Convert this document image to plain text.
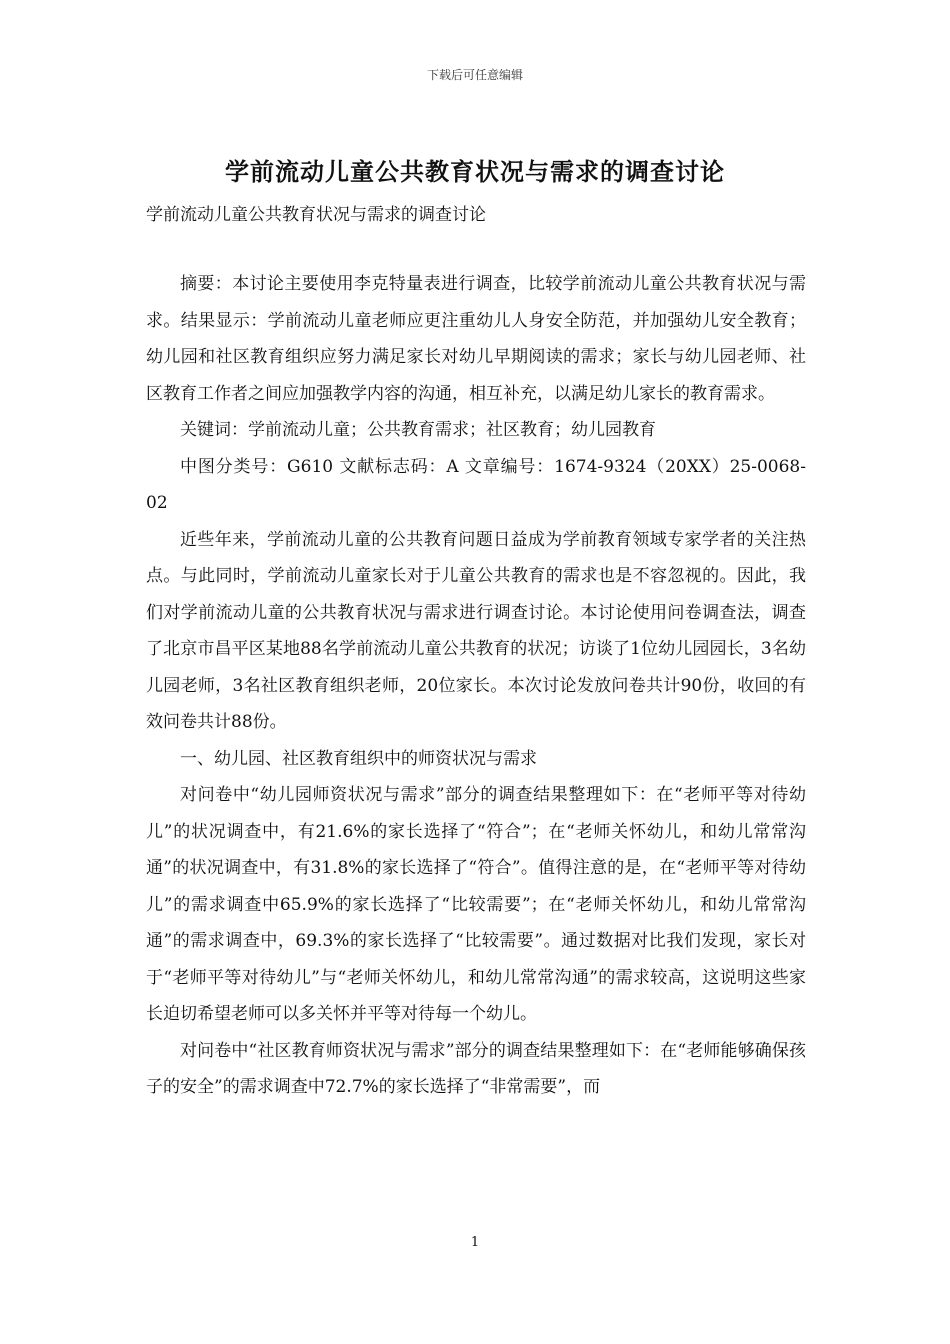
下载后可任意编辑
学前流动儿童公共教育状况与需求的调查讨论
学前流动儿童公共教育状况与需求的调查讨论

摘要：本讨论主要使用李克特量表进行调查，比较学前流动儿童公共教育状况与需求。结果显示：学前流动儿童老师应更注重幼儿人身安全防范，并加强幼儿安全教育；幼儿园和社区教育组织应努力满足家长对幼儿早期阅读的需求；家长与幼儿园老师、社区教育工作者之间应加强教学内容的沟通，相互补充，以满足幼儿家长的教育需求。

关键词：学前流动儿童；公共教育需求；社区教育；幼儿园教育

中图分类号：G610 文献标志码：A 文章编号：1674-9324（20XX）25-0068-02

近些年来，学前流动儿童的公共教育问题日益成为学前教育领域专家学者的关注热点。与此同时，学前流动儿童家长对于儿童公共教育的需求也是不容忽视的。因此，我们对学前流动儿童的公共教育状况与需求进行调查讨论。本讨论使用问卷调查法，调查了北京市昌平区某地88名学前流动儿童公共教育的状况；访谈了1位幼儿园园长，3名幼儿园老师，3名社区教育组织老师，20位家长。本次讨论发放问卷共计90份，收回的有效问卷共计88份。

一、幼儿园、社区教育组织中的师资状况与需求

对问卷中“幼儿园师资状况与需求”部分的调查结果整理如下：在“老师平等对待幼儿”的状况调查中，有21.6%的家长选择了“符合”；在“老师关怀幼儿，和幼儿常常沟通”的状况调查中，有31.8%的家长选择了“符合”。值得注意的是，在“老师平等对待幼儿”的需求调查中65.9%的家长选择了“比较需要”；在“老师关怀幼儿，和幼儿常常沟通”的需求调查中，69.3%的家长选择了“比较需要”。通过数据对比我们发现，家长对于“老师平等对待幼儿”与“老师关怀幼儿，和幼儿常常沟通”的需求较高，这说明这些家长迫切希望老师可以多关怀并平等对待每一个幼儿。

对问卷中“社区教育师资状况与需求”部分的调查结果整理如下：在“老师能够确保孩子的安全”的需求调查中72.7%的家长选择了“非常需要”，而

1
